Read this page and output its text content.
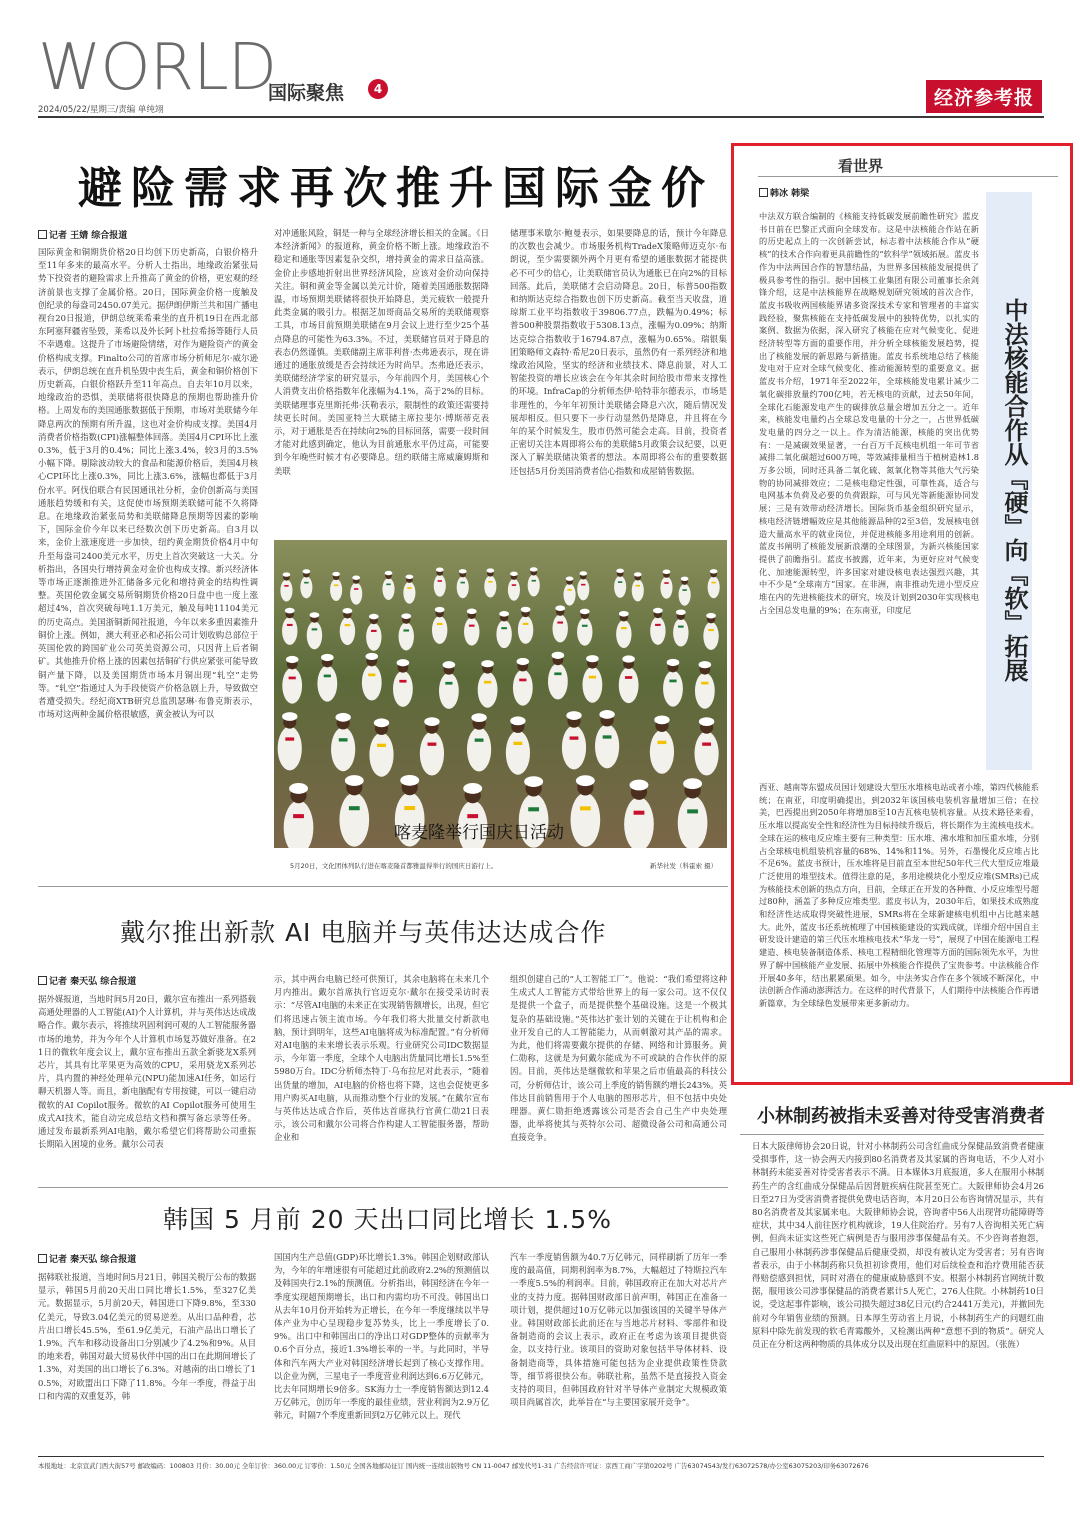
WORLD
国际聚焦	4
2024/05/22/星期三/责编 单纯翊
经济参考报
避险需求再次推升国际金价
记者 王婧 综合报道
国际黄金和铜期货价格20日均创下历史新高，白银价格升至11年多来的最高水平。分析人士指出，地缘政治紧张局势下投资者的避险需求上升推高了黄金的价格，更宏观的经济前景也支撑了金属价格。20日，国际黄金价格一度触及创纪录的每盎司2450.07美元。据伊朗伊斯兰共和国广播电视台20日报道，伊朗总统莱希乘坐的直升机19日在西北部东阿塞拜疆省坠毁，莱希以及外长阿卜杜拉希扬等随行人员不幸遇难。这提升了市场避险情绪，对作为避险资产的黄金价格构成支撑。Finalto公司的首席市场分析师尼尔·威尔逊表示，伊朗总统在直升机坠毁中丧生后，黄金和铜价格创下历史新高，白银价格跃升至11年高点。自去年10月以来，地缘政治的恐惧，美联储将很快降息的预期也帮助推升价格。上周发布的美国通胀数据低于预期，市场对美联储今年降息两次的预期有所升温，这也对金价构成支撑。美国4月消费者价格指数(CPI)涨幅整体回落。美国4月CPI环比上涨0.3%，低于3月的0.4%；同比上涨3.4%，较3月的3.5%小幅下降。剔除波动较大的食品和能源价格后，美国4月核心CPI环比上涨0.3%，同比上涨3.6%，涨幅也都低于3月份水平。阿伐伯联合有民国通讯社分析，金价创新高与美国通胀趋势缓和有关，这促使市场预期美联储可能不久将降息。在地缘政治紧张局势和美联储降息预期等因素的影响下，国际金价今年以来已经数次创下历史新高。自3月以来，金价上涨速度进一步加快，纽约黄金期货价格4月中旬升至每盎司2400美元水平，历史上首次突破这一大关。分析指出，各国央行增持黄金对金价也构成支撑。新兴经济体等市场正逐渐推进外汇储备多元化和增持黄金的结构性调整。英国伦敦金属交易所铜期货价格20日盘中也一度上涨超过4%，首次突破每吨1.1万美元，触及每吨11104美元的历史高点。美国浙铜新闻社报道，今年以来多重因素推升铜价上涨。例如，澳大利亚必和必拓公司计划收购总部位于英国伦敦的跨国矿业公司英美资源公司，只因背上后者铜矿。其他推升价格上涨的因素包括铜矿行供应紧张可能导致铜产量下降，以及美国期货市场本月铜出现“轧空”走势等。“轧空”指通过人为手段使资产价格急剧上升，导致做空者遭受损失。经纪商XTB研究总监凯瑟琳·布鲁克斯表示，市场对这两种金属价格很敏感，黄金被认为可以
对冲通胀风险，铜是一种与全球经济增长相关的金属。《日本经济新闻》的报道称，黄金价格不断上涨。地缘政治不稳定和通胀等因素复杂交织，增持黄金的需求日益高涨。金价止步感地折射出世界经济风险，应该对金价动向保持关注。铜和黄金等金属以美元计价，随着美国通胀数据降温，市场预期美联储将很快开始降息，美元疲软一般提升此类金属的吸引力。根据芝加哥商品交易所的美联储观察工具，市场目前预期美联储在9月会议上进行至少25个基点降息的可能性为63.3%。不过，美联储官员对于降息的表态仍然谨慎。美联储副主席菲利普·杰弗逊表示，现在讲通过的通胀放缓是否会持续还为时尚早。杰弗逊还表示，美联储经济学家的研究显示，今年前四个月，美国核心个人消费支出价格指数年化涨幅为4.1%，高于2%的目标。美联储理事克里斯托弗·沃勒表示，限制性的政策还需要持续更长时间。美国亚特兰大联储主席拉斐尔·博斯蒂克表示，对于通胀是否在持续向2%的目标回落，需要一段时间才能对此感到确定，他认为目前通胀水平仍过高，可能要到今年晚些时候才有必要降息。纽约联储主席威廉姆斯和美联
储理事米歇尔·鲍曼表示，如果要降息的话，预计今年降息的次数也会减少。市场服务机构TradeX策略师迈克尔·布朗说，至少需要额外两个月更有希望的通胀数据才能提供必不可少的信心，让美联储官员认为通胀已在向2%的目标回落。此后，美联储才会启动降息。20日，标普500指数和纳斯达克综合指数也创下历史新高。截至当天收盘，道琼斯工业平均指数收于39806.77点，跌幅为0.49%；标普500种股票指数收于5308.13点，涨幅为0.09%；纳斯达克综合指数收于16794.87点，涨幅为0.65%。瑞银集团策略师文森特·希尼20日表示，虽然仍有一系列经济和地缘政治风险，坚实的经济和业绩技术、降息前景，对人工智能投资的增长应该会在今年其余时间给股市带来支撑性的环境。InfraCap的分析师杰伊·哈特菲尔德表示，市场是非理性的，今年年初预计美联储会降息六次，随后情况发展却相反。但只要下一步行动显然仍是降息，并且将在今年的某个时候发生，股市仍然可能会走高。目前，投资者正密切关注本周即将公布的美联储5月政策会议纪要，以更深入了解美联储决策者的想法。本周即将公布的重要数据还包括5月份美国消费者信心指数和成屋销售数据。
喀麦隆举行国庆日活动
5月20日，文化团体列队行进在喀麦隆首都雅温得举行的国庆日游行上。	新华社发（科霍索 摄）
戴尔推出新款 AI 电脑并与英伟达达成合作
记者 秦天弘 综合报道
据外媒报道，当地时间5月20日，戴尔宣布推出一系列搭载高通处理器的人工智能(AI)个人计算机，并与英伟达达成战略合作。戴尔表示，将推续巩固利润可观的人工智能服务器市场的地势，并为今年个人计算机市场复苏做好准备。在21日的微软年度会议上，戴尔宣布推出五款全新骁龙X系列芯片，其具有比苹果更为高效的CPU，采用骁龙X系列芯片，具内置的神经处理单元(NPU)能加速AI任务，如运行聊天机器人等。而且，新电脑配有专用按键，可以一键启动微软的AI Copilot服务。微软的AI Copilot服务可使用生成式AI技术，能自动完成总结文档和撰写备忘录等任务。通过发布最新系列AI电脑，戴尔希望它们将帮助公司重振长期陷入困境的业务。戴尔公司表
示，其中两台电脑已经可供预订，其余电脑将在未来几个月内推出。戴尔首席执行官迈克尔·戴尔在接受采访时表示：“尽管AI电脑的未来正在实现销售额增长，出现，但它们将迅速占领主流市场。今年我们将大批量交付新款电脑，预计到明年，这些AI电脑将成为标准配置。”有分析师对AI电脑的未来增长表示乐观。行业研究公司IDC数据显示，今年第一季度，全球个人电脑出货量同比增长1.5%至5980万台。IDC分析师杰特丁·乌布拉尼对此表示，“随着出货量的增加，AI电脑的价格也将下降，这也会促使更多用户购买AI电脑，从而推动整个行业的发展。”在戴尔宣布与英伟达达成合作后，英伟达首席执行官黄仁勋21日表示，该公司和戴尔公司将合作构建人工智能服务器，帮助企业和
组织创建自己的“人工智能工厂”。他说：“我们希望将这种生成式人工智能方式带给世界上的每一家公司。这不仅仅是提供一个盒子，而是提供整个基础设施。这是一个极其复杂的基础设施。”英伟达扩张计划的关键在于让机构和企业开发自己的人工智能能力，从而刺激对其产品的需求。为此，他们将需要戴尔提供的存储、网络和计算服务。黄仁勋称，这就是为何戴尔能成为不可或缺的合作伙伴的原因。目前，英伟达是继微软和苹果之后市值最高的科技公司，分析师估计，该公司上季度的销售额约增长243%。英伟达目前销售用于个人电脑的图形芯片，但不包括中央处理器。黄仁勋拒绝透露该公司是否会自己生产中央处理器，此举将使其与英特尔公司、超微设备公司和高通公司直接竞争。
韩国 5 月前 20 天出口同比增长 1.5%
记者 秦天弘 综合报道
据韩联社报道，当地时间5月21日，韩国关税厅公布的数据显示，韩国5月前20天出口同比增长1.5%，至327亿美元。数据显示，5月前20天，韩国进口下降9.8%，至330亿美元，导致3.04亿美元的贸易逆差。从出口品种看，芯片出口增长45.5%，至61.9亿美元，石油产品出口增长了1.9%。汽车和移动设备出口分别减少了4.2%和9%。从目的地来看，韩国对最大贸易伙伴中国的出口在此期间增长了1.3%，对美国的出口增长了6.3%。对越南的出口增长了10.5%，对欧盟出口下降了11.8%。今年一季度，得益于出口和内需的双重复苏，韩
国国内生产总值(GDP)环比增长1.3%。韩国企划财政部认为，今年的年增速很有可能超过此前政府2.2%的预测值以及韩国央行2.1%的预测值。分析指出，韩国经济在今年一季度实现超预期增长，出口和内需均功不可没。韩国出口从去年10月份开始转为正增长，在今年一季度继续以半导体产业为中心呈现稳步复苏势头，比上一季度增长了0.9%。出口中和韩国出口的净出口对GDP整体的贡献率为0.6个百分点，接近1.3%增长率的一半。与此同时，半导体和汽车两大产业对韩国经济增长起到了核心支撑作用。以企业为例，三星电子一季度营业利润达到6.6万亿韩元，比去年同期增长9倍多。SK海力士一季度销售额达到12.4万亿韩元，创历年一季度的最佳业绩，营业利润为2.9万亿韩元，时隔7个季度重新回到2万亿韩元以上。现代
汽车一季度销售额为40.7万亿韩元，同样刷新了历年一季度的最高值，同期利润率为8.7%，大幅超过了特斯拉汽车一季度5.5%的利润率。目前，韩国政府正在加大对芯片产业的支持力度。据韩国财政部日前声明，韩国正在准备一项计划，提供超过10万亿韩元以加强该国的关键半导体产业。韩国财政部长此前还在与当地芯片材料、零部件和设备制造商的会议上表示，政府正在考虑为该项目提供资金，以支持行业。该项目的资助对象包括半导体材料、设备制造商等，具体措施可能包括为企业提供政策性贷款等，细节将很快公布。韩联社称，虽然不是直接投入资金支持的项目，但韩国政府针对半导体产业制定大规模政策项目尚属首次，此举旨在“与主要国家展开竞争”。
看世界
韩冰 韩梁
中法核能合作从『硬』向『软』拓展
中法双方联合编制的《核能支持低碳发展前瞻性研究》蓝皮书日前在巴黎正式面向全球发布。这是中法核能合作站在新的历史起点上的一次创新尝试，标志着中法核能合作从“硬核”的技术合作向着更具前瞻性的“软科学”领域拓展。蓝皮书作为中法两国合作的智慧结晶，为世界多国核能发展提供了极具参考性的指引。据中国核工业集团有限公司董事长余剑锋介绍，这是中法核能界在战略规划研究领域的首次合作，蓝皮书吸收两国核能界诸多资深技术专家和管理者的丰富实践经验，聚焦核能在支持低碳发展中的独特优势，以扎实的案例、数据为依据，深入研究了核能在应对气候变化、促进经济转型等方面的重要作用，并分析全球核能发展趋势，提出了核能发展的新思路与新措施。蓝皮书系统地总结了核能发电对于应对全球气候变化、推动能源转型的重要意义。据蓝皮书介绍，1971年至2022年，全球核能发电累计减少二氧化碳排放量约700亿吨，若无核电的贡献，过去50年间，全球化石能源发电产生的碳排放总量会增加五分之一。近年来，核能发电量约占全球总发电量的十分之一，占世界低碳发电量的四分之一以上。作为清洁能源，核能的突出优势有：一是减碳效果显著，一台百万千瓦核电机组一年可节省减排二氧化碳超过600万吨，等效减排量相当于植树造林1.8万多公顷，同时还具备二氧化硫、氮氧化物等其他大气污染物的协同减排效应；二是核电稳定性强，可靠性高，适合与电网基本负荷及必要的负荷跟踪，可与风光等新能源协同发展；三是有效带动经济增长。国际货币基金组织研究显示，核电经济链增幅效应是其他能源品种的2至3倍，发展核电创造大量高水平的就业岗位，并促进核能多用途利用的创新。蓝皮书阐明了核能发展新浪潮的全球图景，为新兴核能国家提供了前瞻指引。蓝皮书披露，近年来，为更好应对气候变化、加速能源转型，许多国家对建设核电表达强烈兴趣，其中不少是“全球南方”国家。在非洲，南非推动先进小型反应堆在内的先进核能技术的研究，埃及计划到2030年实现核电占全国总发电量的9%；在东南亚，印度尼
西亚、越南等东盟成员国计划建设大型压水堆核电站或者小堆，第四代核能系统；在南亚，印度明确提出，到2032年该国核电装机容量增加三倍；在拉美，巴西提出到2050年将增加8至10吉瓦核电装机容量。从技术路径来看，压水堆以提高安全性和经济性为目标持续升级后，将长期作为主流核电技术。全球在运的核电反应堆主要有三种类型：压水堆、沸水堆和加压重水堆，分别占全球核电机组装机容量的68%、14%和11%。另外，石墨慢化反应堆占比不足6%。蓝皮书预计，压水堆将是目前直至本世纪50年代三代大型反应堆最广泛使用的堆型技术。值得注意的是，多用途模块化小型反应堆(SMRs)已成为核能技术创新的热点方向，目前，全球正在开发的各种微、小反应堆型号超过80种，涵盖了多种反应堆类型。蓝皮书认为，2030年后，如果技术成熟度和经济性达成取得突破性进展，SMRs将在全球新建核电机组中占比越来越大。此外，蓝皮书还系统梳理了中国核能建设的实践成就，详细介绍中国自主研发设计建造的第三代压水堆核电技术“华龙一号”，展现了中国在能源电工程建造、核电装备制造体系、核电工程精细化管理等方面的国际领先水平，为世界了解中国核能产业发展、拓展中外核能合作提供了宝贵参考。中法核能合作开展40多年，结出累累硕果。如今，中法务实合作在多个领域不断深化，中法创新合作涌动澎湃活力。在这样的时代背景下，人们期待中法核能合作再谱新篇章，为全球绿色发展带来更多新动力。
小林制药被指未妥善对待受害消费者
日本大阪律师协会20日说，针对小林制药公司含红曲成分保健品致消费者健康受损事件，这一协会两天内接到80名消费者及其家属的咨询电话，不少人对小林制药未能妥善对待受害者表示不满。日本媒体3月底报道，多人在服用小林制药生产的含红曲成分保健品后因肾脏疾病住院甚至死亡。大阪律师协会4月26日至27日为受害消费者提供免费电话咨询，本月20日公布咨询情况显示，共有80名消费者及其家属来电。大阪律师协会说，咨询者中56人出现肾功能障碍等症状，其中34人前往医疗机构就诊，19人住院治疗。另有7人咨询相关死亡病例，但尚未证实这些死亡病例是否与服用涉事保健品有关。不少咨询者抱怨，自己服用小林制药涉事保健品后健康受损，却没有被认定为受害者；另有咨询者表示，由于小林制药称只负担初诊费用，他们对后续检查和治疗费用能否获得赔偿感到担忧，同时对潜在的健康威胁感到不安。根据小林制药官网统计数据，服用该公司涉事保健品的消费者累计5人死亡，276人住院。小林制药10日说，受这起事件影响，该公司损失超过38亿日元(约合2441万美元)，并撤回先前对今年销售业绩的预测。日本厚生劳动省上月说，小林制药生产的问题红曲原料中除先前发现的软毛青霉酸外，又检测出两种“意想不到的物质”。研究人员正在分析这两种物质的具体成分以及出现在红曲原料中的原因。（张旌）
本报地址：北京宣武门西大街57号 邮政编码：100803 月价：30.00元 全年订价：360.00元 订零价：1.50元 全国各地邮局征订 国内统一连续出版物号 CN 11-0047 邮发代号1-31 广告经营许可证：京西工商广字第0202号 广告63074543/发行63072578/办公室63075203/印务63072676
